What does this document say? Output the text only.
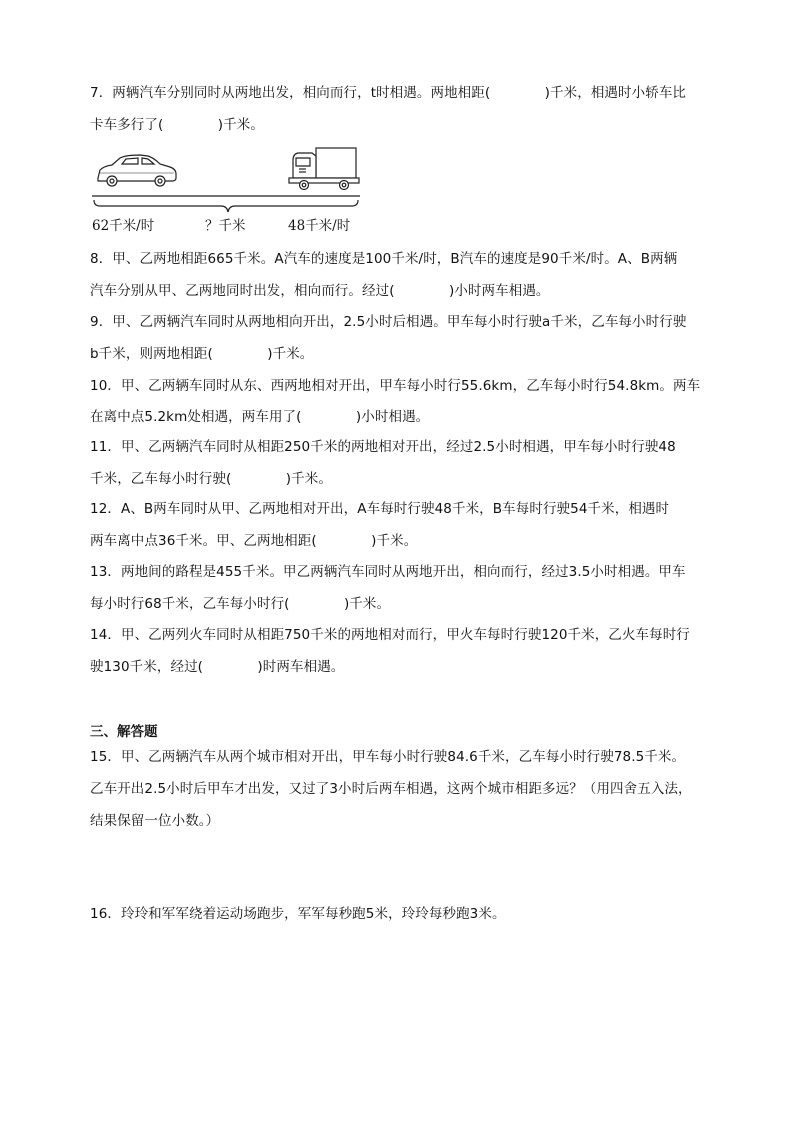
7．两辆汽车分别同时从两地出发，相向而行，t时相遇。两地相距(　　　　)千米，相遇时小轿车比
卡车多行了(　　　　)千米。
62千米/时	？千米	48千米/时
8．甲、乙两地相距665千米。A汽车的速度是100千米/时，B汽车的速度是90千米/时。A、B两辆
汽车分别从甲、乙两地同时出发，相向而行。经过(　　　　)小时两车相遇。
9．甲、乙两辆汽车同时从两地相向开出，2.5小时后相遇。甲车每小时行驶a千米，乙车每小时行驶
b千米，则两地相距(　　　　)千米。
10．甲、乙两辆车同时从东、西两地相对开出，甲车每小时行55.6km，乙车每小时行54.8km。两车
在离中点5.2km处相遇，两车用了(　　　　)小时相遇。
11．甲、乙两辆汽车同时从相距250千米的两地相对开出，经过2.5小时相遇，甲车每小时行驶48
千米，乙车每小时行驶(　　　　)千米。
12．A、B两车同时从甲、乙两地相对开出，A车每时行驶48千米，B车每时行驶54千米，相遇时
两车离中点36千米。甲、乙两地相距(　　　　)千米。
13．两地间的路程是455千米。甲乙两辆汽车同时从两地开出，相向而行，经过3.5小时相遇。甲车
每小时行68千米，乙车每小时行(　　　　)千米。
14．甲、乙两列火车同时从相距750千米的两地相对而行，甲火车每时行驶120千米，乙火车每时行
驶130千米，经过(　　　　)时两车相遇。
三、解答题
15．甲、乙两辆汽车从两个城市相对开出，甲车每小时行驶84.6千米，乙车每小时行驶78.5千米。
乙车开出2.5小时后甲车才出发，又过了3小时后两车相遇，这两个城市相距多远？（用四舍五入法，
结果保留一位小数。）
16．玲玲和军军绕着运动场跑步，军军每秒跑5米，玲玲每秒跑3米。
